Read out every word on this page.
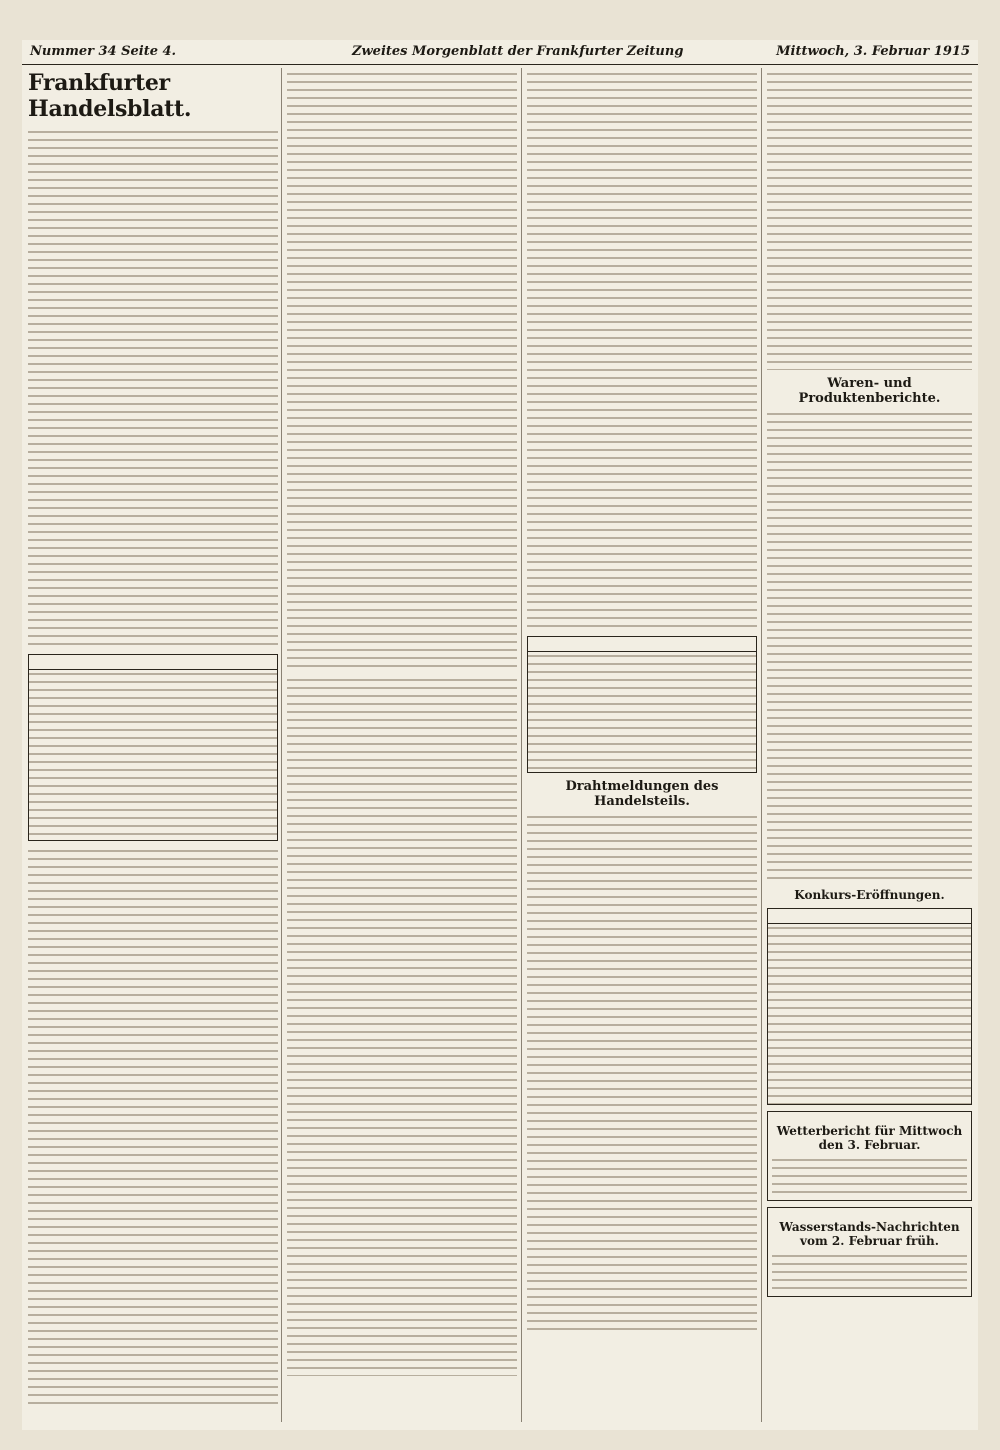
Nummer 34 Seite 4.	Zweites Morgenblatt der Frankfurter Zeitung	Mittwoch, 3. Februar 1915
Frankfurter Handelsblatt.
Drahtmeldungen des Handelsteils.
Waren- und Produktenberichte.
Konkurs-Eröffnungen.
Wetterbericht für Mittwoch den 3. Februar.
Wasserstands-Nachrichten vom 2. Februar früh.
